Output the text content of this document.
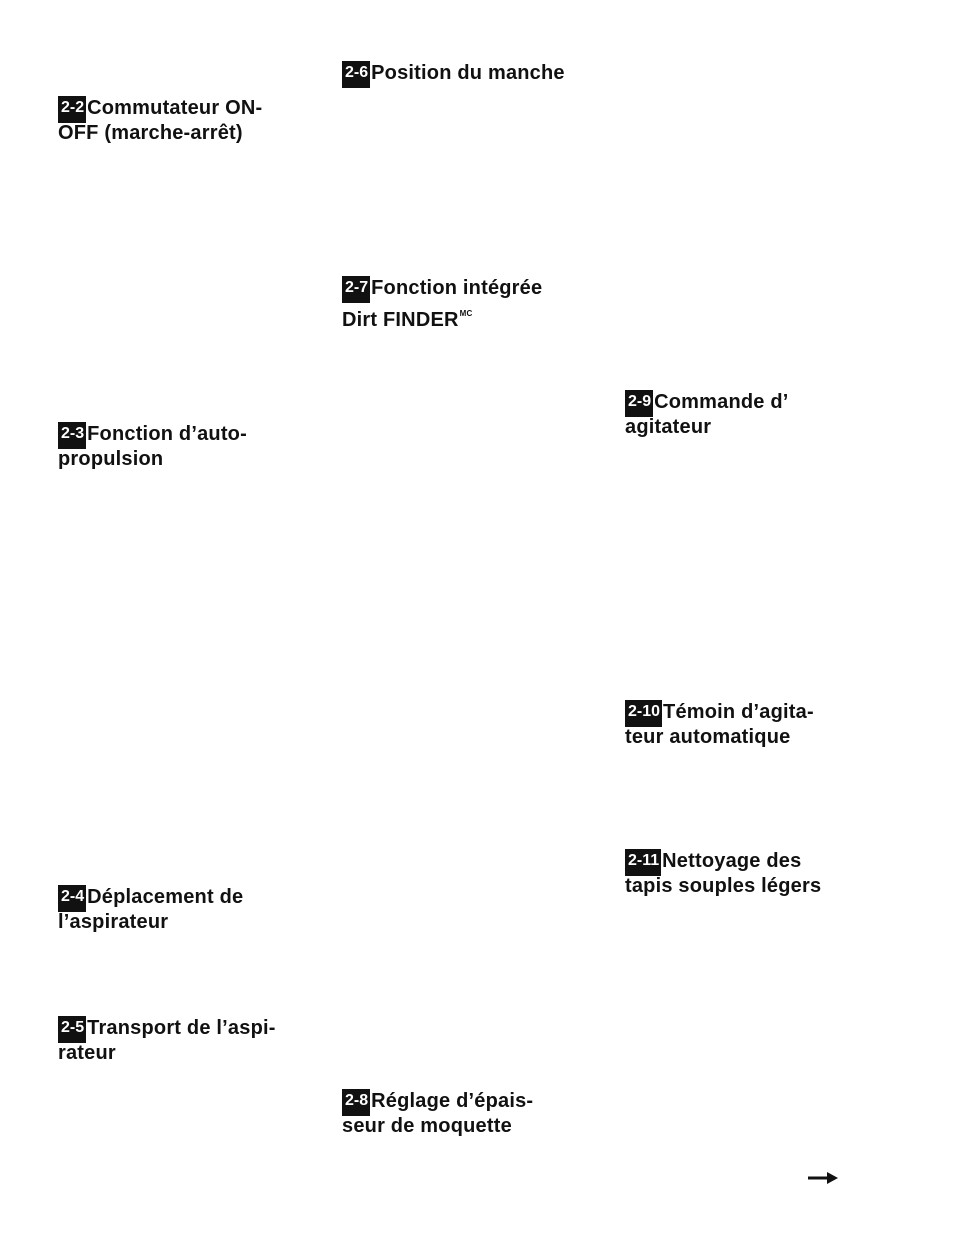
2-2 Commutateur ON-
OFF (marche-arrêt)
2-3 Fonction d’auto-
propulsion
2-4 Déplacement de
l’aspirateur
2-5 Transport de l’aspi-
rateur
2-6 Position du manche
2-7 Fonction intégrée
Dirt $FINDER^{MC}$
2-8 Réglage d’épais-
seur de moquette
2-9 Commande d’
agitateur
2-10 Témoin d’agita-
teur automatique
2-11 Nettoyage des
tapis souples légers
